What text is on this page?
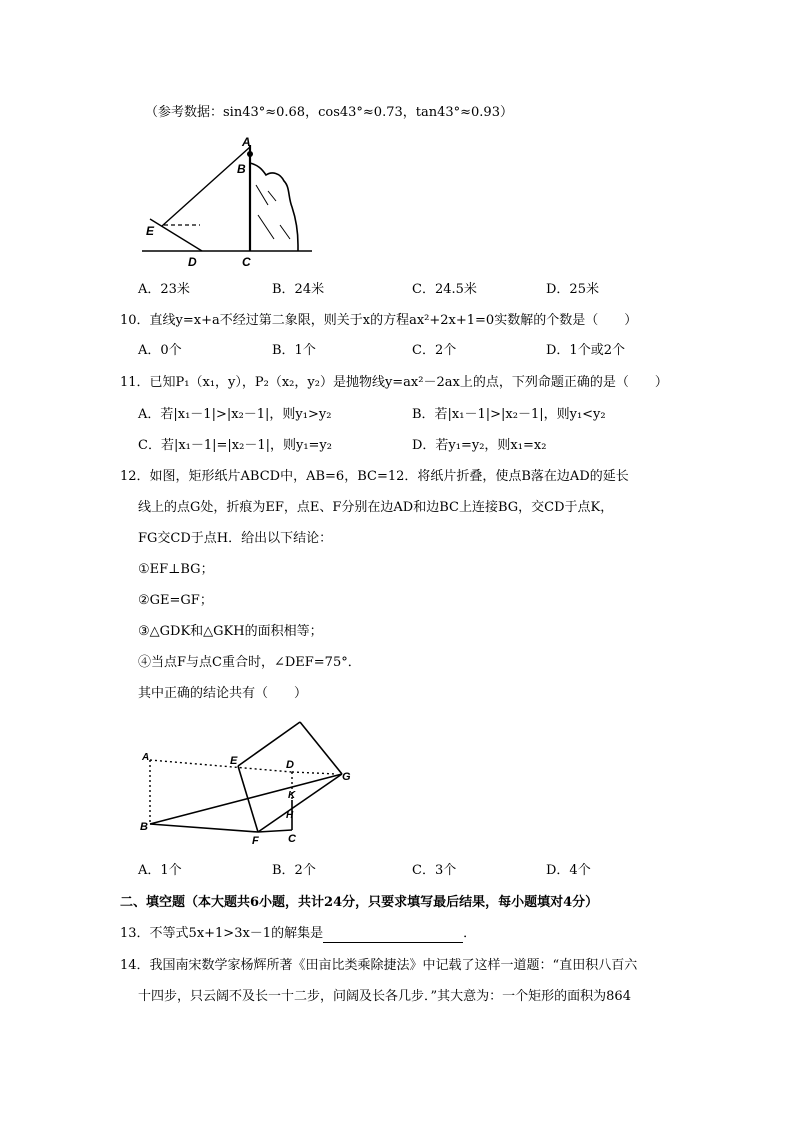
（参考数据：sin43°≈0.68，cos43°≈0.73，tan43°≈0.93）
A
B
E
D	C
A．23米	B．24米	C．24.5米	D．25米
10．直线y=x+a不经过第二象限，则关于x的方程ax²+2x+1=0实数解的个数是（　　）
A．0个	B．1个	C．2个	D．1个或2个
11．已知P₁（x₁，y），P₂（x₂，y₂）是抛物线y=ax²－2ax上的点，下列命题正确的是（　　）
A．若|x₁－1|>|x₂－1|，则y₁>y₂	B．若|x₁－1|>|x₂－1|，则y₁<y₂
C．若|x₁－1|=|x₂－1|，则y₁=y₂	D．若y₁=y₂，则x₁=x₂
12．如图，矩形纸片ABCD中，AB=6，BC=12．将纸片折叠，使点B落在边AD的延长
线上的点G处，折痕为EF，点E、F分别在边AD和边BC上连接BG，交CD于点K，
FG交CD于点H．给出以下结论：
①EF⊥BG；
②GE=GF；
③△GDK和△GKH的面积相等；
④当点F与点C重合时，∠DEF=75°．
其中正确的结论共有（　　）
A	E	D
G
K
H
B
F	C
A．1个	B．2个	C．3个	D．4个
二、填空题（本大题共6小题，共计24分，只要求填写最后结果，每小题填对4分）
13．不等式5x+1>3x－1的解集是	．
14．我国南宋数学家杨辉所著《田亩比类乘除捷法》中记载了这样一道题：“直田积八百六
十四步，只云阔不及长一十二步，问阔及长各几步．”其大意为：一个矩形的面积为864
